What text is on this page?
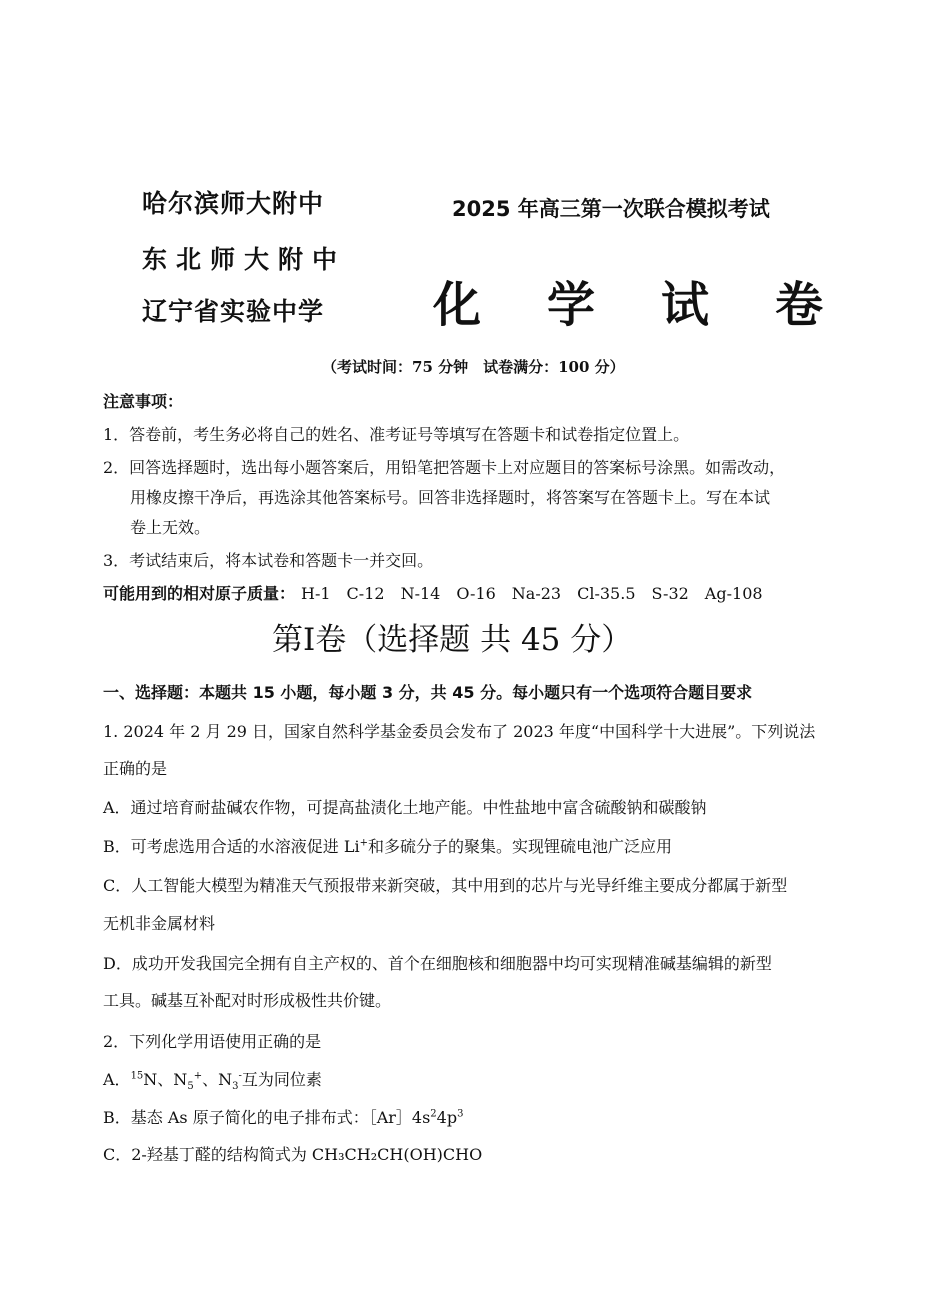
哈尔滨师大附中
东北师大附中
辽宁省实验中学
2025 年高三第一次联合模拟考试
化学试卷
（考试时间：75 分钟　试卷满分：100 分）
注意事项：
1．答卷前，考生务必将自己的姓名、准考证号等填写在答题卡和试卷指定位置上。
2．回答选择题时，选出每小题答案后，用铅笔把答题卡上对应题目的答案标号涂黑。如需改动，
用橡皮擦干净后，再选涂其他答案标号。回答非选择题时，将答案写在答题卡上。写在本试
卷上无效。
3．考试结束后，将本试卷和答题卡一并交回。
可能用到的相对原子质量： H-1　C-12　N-14　O-16　Na-23　Cl-35.5　S-32　Ag-108
第Ⅰ卷（选择题 共 45 分）
一、选择题：本题共 15 小题，每小题 3 分，共 45 分。每小题只有一个选项符合题目要求
1. 2024 年 2 月 29 日，国家自然科学基金委员会发布了 2023 年度“中国科学十大进展”。下列说法
正确的是
A．通过培育耐盐碱农作物，可提高盐渍化土地产能。中性盐地中富含硫酸钠和碳酸钠
B．可考虑选用合适的水溶液促进 Li+和多硫分子的聚集。实现锂硫电池广泛应用
C．人工智能大模型为精准天气预报带来新突破，其中用到的芯片与光导纤维主要成分都属于新型
无机非金属材料
D．成功开发我国完全拥有自主产权的、首个在细胞核和细胞器中均可实现精准碱基编辑的新型
工具。碱基互补配对时形成极性共价键。
2．下列化学用语使用正确的是
A．$^{15}$N、$N_5^+$、$N_3^-$互为同位素
B．基态 As 原子简化的电子排布式：$[Ar]4s^24p^3$
C．2-羟基丁醛的结构简式为 CH₃CH₂CH(OH)CHO
